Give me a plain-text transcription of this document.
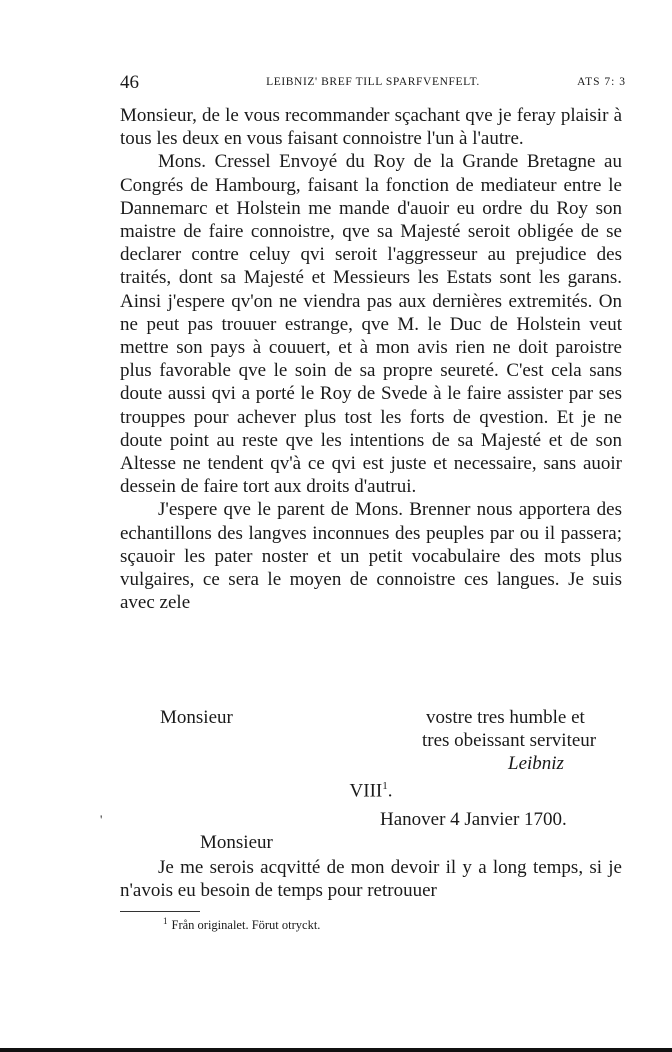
46	LEIBNIZ' BREF TILL SPARFVENFELT.	ATS 7: 3

Monsieur, de le vous recommander sçachant qve je feray plaisir à tous les deux en vous faisant connoistre l'un à l'autre.

Mons. Cressel Envoyé du Roy de la Grande Bretagne au Congrés de Hambourg, faisant la fonction de mediateur entre le Dannemarc et Holstein me mande d'auoir eu ordre du Roy son maistre de faire connoistre, qve sa Majesté seroit obligée de se declarer contre celuy qvi seroit l'aggresseur au prejudice des traités, dont sa Majesté et Messieurs les Estats sont les garans. Ainsi j'espere qv'on ne viendra pas aux dernières extremités. On ne peut pas trouuer estrange, qve M. le Duc de Holstein veut mettre son pays à couuert, et à mon avis rien ne doit paroistre plus favorable qve le soin de sa propre seureté. C'est cela sans doute aussi qvi a porté le Roy de Svede à le faire assister par ses trouppes pour achever plus tost les forts de qvestion. Et je ne doute point au reste qve les intentions de sa Majesté et de son Altesse ne tendent qv'à ce qvi est juste et necessaire, sans auoir dessein de faire tort aux droits d'autrui.

J'espere qve le parent de Mons. Brenner nous apportera des echantillons des langves inconnues des peuples par ou il passera; sçauoir les pater noster et un petit vocabulaire des mots plus vulgaires, ce sera le moyen de connoistre ces langues. Je suis avec zele

Monsieur	vostre tres humble et
tres obeissant serviteur
Leibniz
VIII$^1$.
'	Hanover 4 Janvier 1700.
Monsieur

Je me serois acqvitté de mon devoir il y a long temps, si je n'avois eu besoin de temps pour retrouuer

$^1$ Från originalet. Förut otryckt.
